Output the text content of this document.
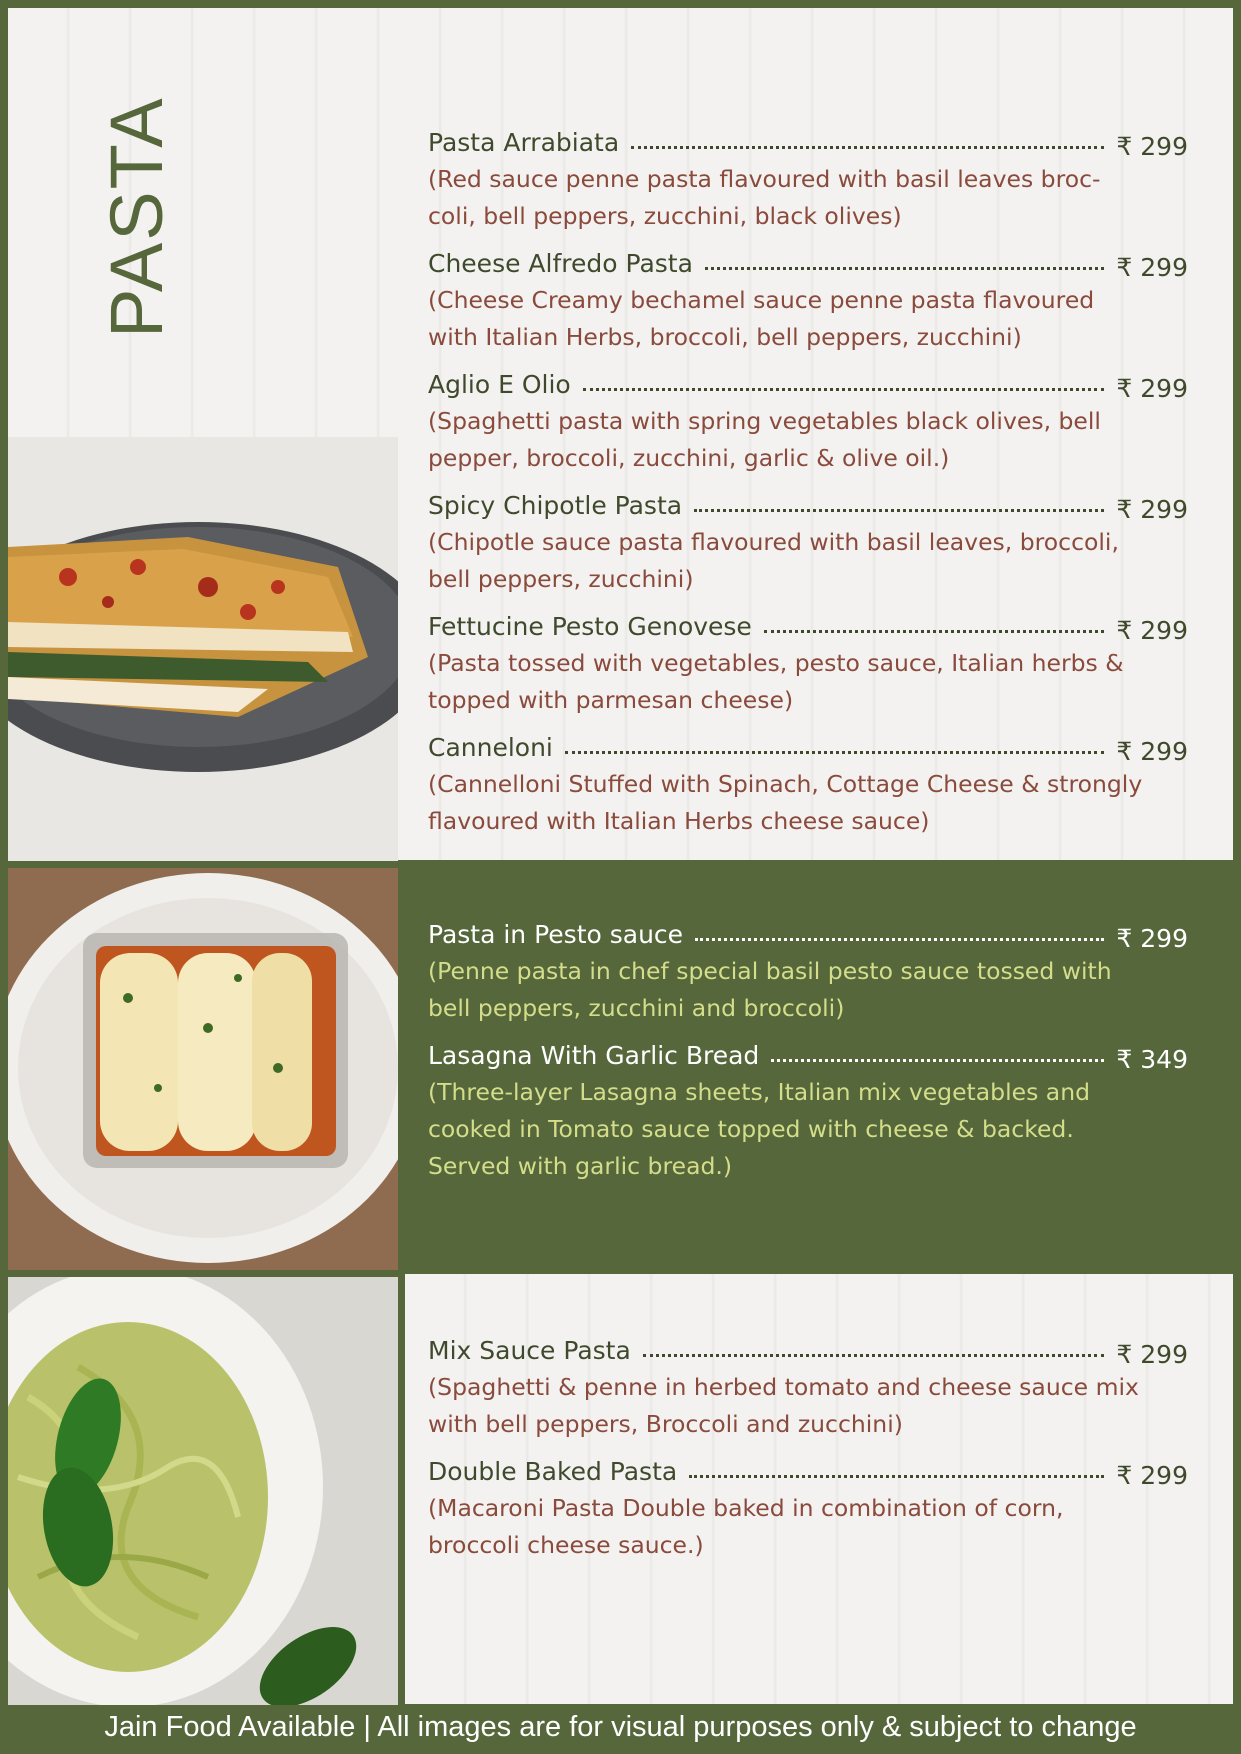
PASTA	Pasta Arrabiata	₹ 299
(Red sauce penne pasta flavoured with basil leaves broc-coli, bell peppers, zucchini, black olives)
Cheese Alfredo Pasta	₹ 299
(Cheese Creamy bechamel sauce penne pasta flavoured with Italian Herbs, broccoli, bell peppers, zucchini)
Aglio E Olio	₹ 299
(Spaghetti pasta with spring vegetables black olives, bell pepper, broccoli, zucchini, garlic & olive oil.)
Spicy Chipotle Pasta	₹ 299
(Chipotle sauce pasta flavoured with basil leaves, broccoli, bell peppers, zucchini)
Fettucine Pesto Genovese	₹ 299
(Pasta tossed with vegetables, pesto sauce, Italian herbs & topped with parmesan cheese)
Canneloni	₹ 299
(Cannelloni Stuffed with Spinach, Cottage Cheese & strongly flavoured with Italian Herbs cheese sauce)
Pasta in Pesto sauce	₹ 299
(Penne pasta in chef special basil pesto sauce tossed with bell peppers, zucchini and broccoli)
Lasagna With Garlic Bread	₹ 349
(Three-layer Lasagna sheets, Italian mix vegetables and cooked in Tomato sauce topped with cheese & backed. Served with garlic bread.)
Mix Sauce Pasta	₹ 299
(Spaghetti & penne in herbed tomato and cheese sauce mix with bell peppers, Broccoli and zucchini)
Double Baked Pasta	₹ 299
(Macaroni Pasta Double baked in combination of corn, broccoli cheese sauce.)
Jain Food Available | All images are for visual purposes only & subject to change
